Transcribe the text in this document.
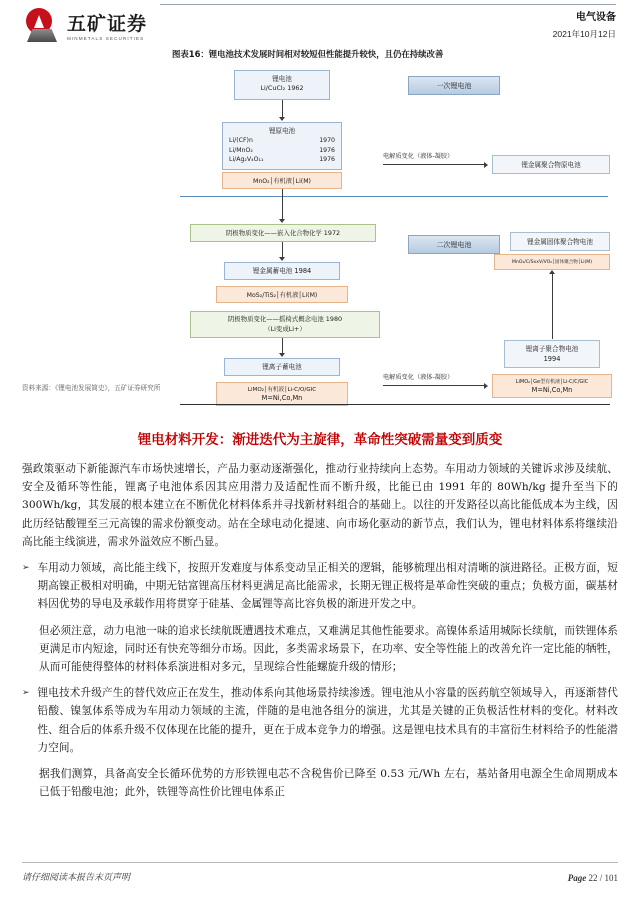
五矿证券
MINMETALS SECURITIES
电气设备
2021年10月12日
图表16：锂电池技术发展时间相对较短但性能提升较快，且仍在持续改善
锂电池
Li/CuCl₂ 1962
锂原电池
Li/(CF)n	1970
Li/MnO₂	1976
Li/Ag₂V₄O₁₁	1976
MnO₂│有机液│Li(M)
阴极物质变化——嵌入化合物化学 1972
锂金属蓄电池 1984
MoS₂/TiS₂│有机液│Li(M)
阴极物质变化——摇椅式概念电池 1980
（Li变成Li+）
锂离子蓄电池
LiMO₂│有机液│Li-C/O/GIC
M=Ni,Co,Mn
一次锂电池
二次锂电池
电解质变化（液体-凝胶）
锂金属聚合物原电池
锂金属固体聚合物电池
MnO₂/C/SxxV/VO₂│固体聚合物│Li(M)
锂离子聚合物电池
1994
LiMO₂│Ge型有机液│Li-C/C/GIC
M=Ni,Co,Mn
电解质变化（液体-凝胶）
资料来源：《锂电池发展简史》，五矿证券研究所
锂电材料开发：渐进迭代为主旋律，革命性突破需量变到质变

强政策驱动下新能源汽车市场快速增长，产品力驱动逐渐强化，推动行业持续向上态势。车用动力领域的关键诉求涉及续航、安全及循环等性能，锂离子电池体系因其应用潜力及适配性而不断升级，比能已由 1991 年的 80Wh/kg 提升至当下的 300Wh/kg，其发展的根本建立在不断优化材料体系并寻找新材料组合的基础上。以往的开发路径以高比能低成本为主线，因此历经钴酸锂至三元高镍的需求份额变动。站在全球电动化提速、向市场化驱动的新节点，我们认为，锂电材料体系将继续沿高比能主线演进，需求外溢效应不断凸显。

➢ 车用动力领域，高比能主线下，按照开发难度与体系变动呈正相关的逻辑，能够梳理出相对清晰的演进路径。正极方面，短期高镍正极相对明确，中期无钴富锂高压材料更满足高比能需求，长期无锂正极将是革命性突破的重点；负极方面，碳基材料因优势的导电及承载作用将贯穿于硅基、金属锂等高比容负极的渐进开发之中。

但必须注意，动力电池一味的追求长续航既遭遇技术难点，又难满足其他性能要求。高镍体系适用城际长续航，而铁锂体系更满足市内短途，同时还有快充等细分市场。因此，多类需求场景下，在功率、安全等性能上的改善允许一定比能的牺牲，从而可能使得整体的材料体系演进相对多元，呈现综合性能螺旋升级的情形；

➢ 锂电技术升级产生的替代效应正在发生，推动体系向其他场景持续渗透。锂电池从小容量的医药航空领域导入，再逐渐替代铅酸、镍氢体系等成为车用动力领域的主流，伴随的是电池各组分的演进，尤其是关键的正负极活性材料的变化。材料改性、组合后的体系升级不仅体现在比能的提升，更在于成本竞争力的增强。这是锂电技术具有的丰富衍生材料给予的性能潜力空间。

据我们测算，具备高安全长循环优势的方形铁锂电芯不含税售价已降至 0.53 元/Wh 左右，基站备用电源全生命周期成本已低于铅酸电池；此外，铁锂等高性价比锂电体系正

请仔细阅读本报告末页声明	Page 22 / 101
